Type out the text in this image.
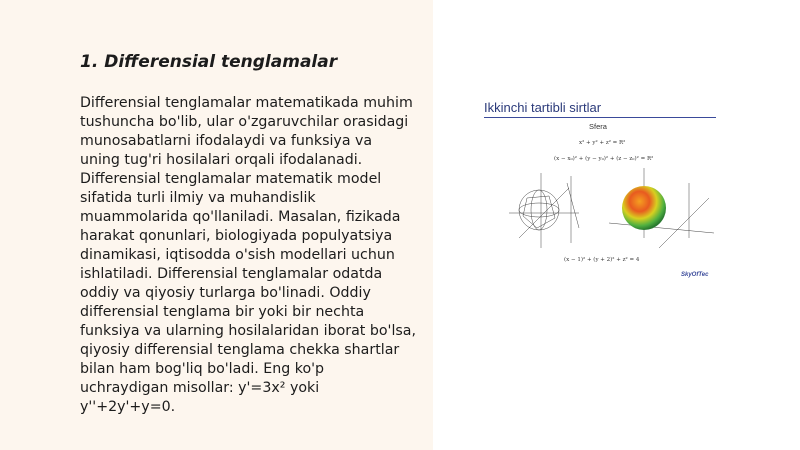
1. Differensial tenglamalar

Differensial tenglamalar matematikada muhim tushuncha bo'lib, ular o'zgaruvchilar orasidagi munosabatlarni ifodalaydi va funksiya va uning tug'ri hosilalari orqali ifodalanadi. Differensial tenglamalar matematik model sifatida turli ilmiy va muhandislik muammolarida qo'llaniladi. Masalan, fizikada harakat qonunlari, biologiyada populyatsiya dinamikasi, iqtisodda o'sish modellari uchun ishlatiladi. Differensial tenglamalar odatda oddiy va qiyosiy turlarga bo'linadi. Oddiy differensial tenglama bir yoki bir nechta funksiya va ularning hosilalaridan iborat bo'lsa, qiyosiy differensial tenglama chekka shartlar bilan ham bog'liq bo'ladi. Eng ko'p uchraydigan misollar: y'=3x² yoki y''+2y'+y=0.

Ikkinchi tartibli sirtlar
Sfera
x² + y² + z² = R²
(x − x₀)² + (y − y₀)² + (z − z₀)² = R²
(x − 1)² + (y + 2)² + z² = 4
SkyOfTec
